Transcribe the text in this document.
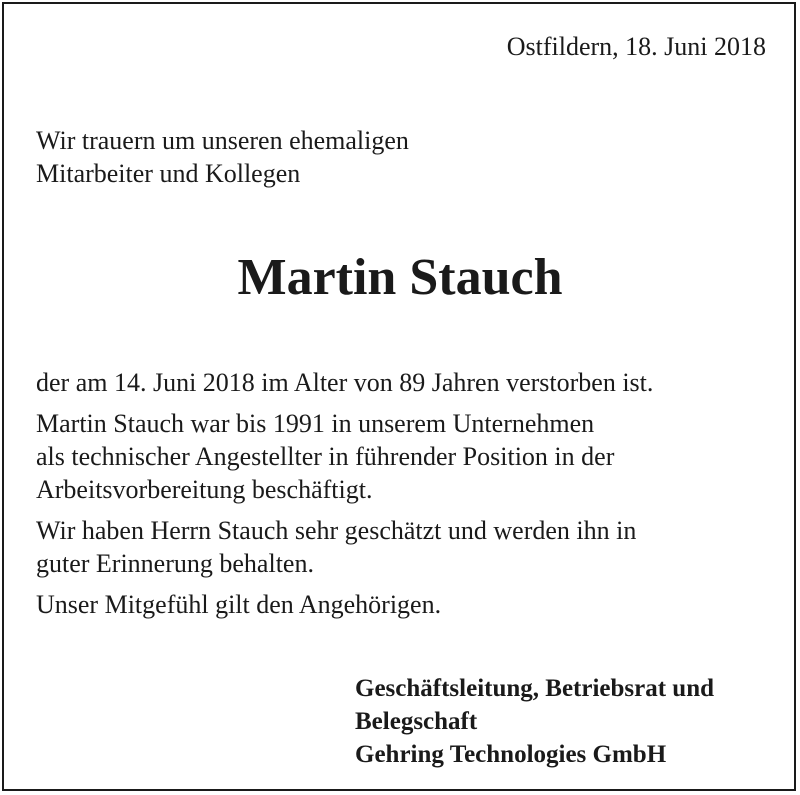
Ostfildern, 18. Juni 2018
Wir trauern um unseren ehemaligen
Mitarbeiter und Kollegen
Martin Stauch
der am 14. Juni 2018 im Alter von 89 Jahren verstorben ist.
Martin Stauch war bis 1991 in unserem Unternehmen
als technischer Angestellter in führender Position in der
Arbeitsvorbereitung beschäftigt.
Wir haben Herrn Stauch sehr geschätzt und werden ihn in
guter Erinnerung behalten.
Unser Mitgefühl gilt den Angehörigen.
Geschäftsleitung, Betriebsrat und
Belegschaft
Gehring Technologies GmbH
